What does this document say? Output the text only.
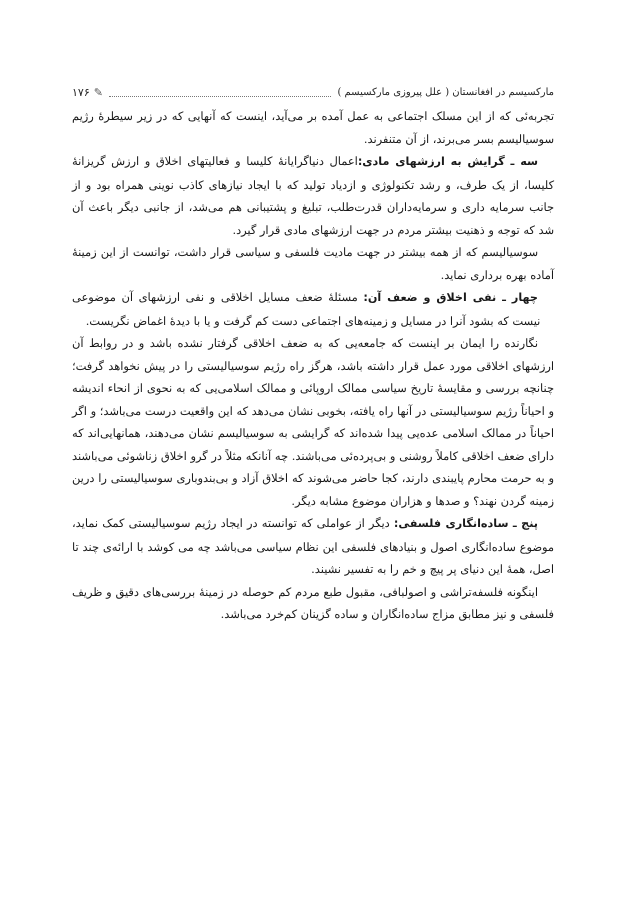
مارکسیسم در افغانستان ( علل پیروزی مارکسیسم )
✎
۱۷۶

تجربه‌ئی که از این مسلک اجتماعی به عمل آمده بر می‌آید، اینست که آنهایی که در زیر سیطرهٔ رژیم سوسیالیسم بسر می‌برند، از آن متنفرند.

سه ـ گرایش به ارزشهای مادی:اعمال دنیاگرایانهٔ کلیسا و فعالیتهای اخلاق و ارزش گریزانهٔ کلیسا، از یک طرف، و رشد تکنولوژی و ازدیاد تولید که با ایجاد نیازهای کاذب نوینی همراه بود و از جانب سرمایه داری و سرمایه‌داران قدرت‌طلب، تبلیغ و پشتیبانی هم می‌شد، از جانبی دیگر باعث آن شد که توجه و ذهنیت بیشتر مردم در جهت ارزشهای مادی قرار گیرد.

سوسیالیسم که از همه بیشتر در جهت مادیت فلسفی و سیاسی قرار داشت، توانست از این زمینهٔ آماده بهره برداری نماید.

چهار ـ نفی اخلاق و ضعف آن: مسئلهٔ ضعف مسایل اخلاقی و نفی ارزشهای آن موضوعی نیست که بشود آنرا در مسایل و زمینه‌های اجتماعی دست کم گرفت و یا با دیدهٔ اغماض نگریست.

نگارنده را ایمان بر اینست که جامعه‌یی که به ضعف اخلاقی گرفتار نشده باشد و در روابط آن ارزشهای اخلاقی مورد عمل قرار داشته باشد، هرگز راه رژیم سوسیالیستی را در پیش نخواهد گرفت؛ چنانچه بررسی و مقایسهٔ تاریخ سیاسی ممالک اروپائی و ممالک اسلامی‌یی که به نحوی از انحاء اندیشه و احیاناً رژیم سوسیالیستی در آنها راه یافته، بخوبی نشان می‌دهد که این واقعیت درست می‌باشد؛ و اگر احیاناً در ممالک اسلامی عده‌یی پیدا شده‌اند که گرایشی به سوسیالیسم نشان می‌دهند، همانهایی‌اند که دارای ضعف اخلاقی کاملاً روشنی و بی‌پرده‌ئی می‌باشند. چه آنانکه مثلاً در گرو اخلاق زناشوئی می‌باشند و به حرمت محارم پایبندی دارند، کجا حاضر می‌شوند که اخلاق آزاد و بی‌بندوباری سوسیالیستی را درین زمینه گردن نهند؟ و صدها و هزاران موضوع مشابه دیگر.

پنج ـ ساده‌انگاری فلسفی: دیگر از عواملی که توانسته در ایجاد رژیم سوسیالیستی کمک نماید، موضوع ساده‌انگاری اصول و بنیادهای فلسفی این نظام سیاسی می‌باشد چه می کوشد با ارائه‌ی چند تا اصل، همهٔ این دنیای پر پیچ و خم را به تفسیر نشیند.

اینگونه فلسفه‌تراشی و اصولبافی، مقبول طبع مردم کم حوصله در زمینهٔ بررسی‌های دقیق و ظریف فلسفی و نیز مطابق مزاج ساده‌انگاران و ساده گزینان کم‌خرد می‌باشد.
